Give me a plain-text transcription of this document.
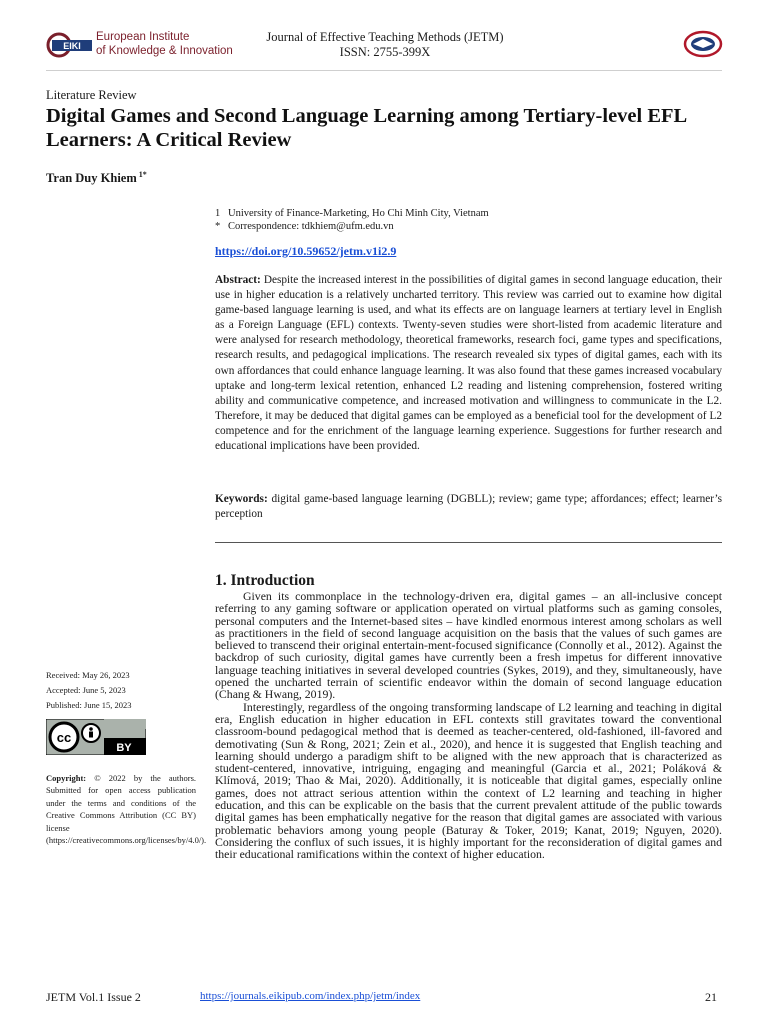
EIKI
European Institute
of Knowledge & Innovation
Journal of Effective Teaching Methods (JETM)
ISSN: 2755-399X
Literature Review
Digital Games and Second Language Learning among Tertiary-level EFL Learners: A Critical Review
Tran Duy Khiem $^{1*}$
1 University of Finance-Marketing, Ho Chi Minh City, Vietnam
* Correspondence: tdkhiem@ufm.edu.vn
https://doi.org/10.59652/jetm.v1i2.9
Abstract: Despite the increased interest in the possibilities of digital games in second language education, their use in higher education is a relatively uncharted territory. This review was carried out to examine how digital game-based language learning is used, and what its effects are on language learners at tertiary level in English as a Foreign Language (EFL) contexts. Twenty-seven studies were short-listed from academic literature and were analysed for research methodology, theoretical frameworks, research foci, game types and specifications, research results, and pedagogical implications. The research revealed six types of digital games, each with its own affordances that could enhance language learning. It was also found that these games increased vocabulary uptake and long-term lexical retention, enhanced L2 reading and listening comprehension, fostered writing ability and communicative competence, and increased motivation and willingness to communicate in the L2. Therefore, it may be deduced that digital games can be employed as a beneficial tool for the development of L2 competence and for the enrichment of the language learning experience. Suggestions for further research and educational implications have been provided.
Keywords: digital game-based language learning (DGBLL); review; game type; affordances; effect; learner’s perception
1. Introduction

Given its commonplace in the technology-driven era, digital games – an all-inclusive concept referring to any gaming software or application operated on virtual platforms such as gaming consoles, personal computers and the Internet-based sites – have kindled enormous interest among scholars as well as practitioners in the field of second language acquisition on the basis that the values of such games are believed to transcend their original entertain-ment-focused significance (Connolly et al., 2012). Against the backdrop of such curiosity, digital games have currently been a fresh impetus for different innovative language teaching initiatives in several developed countries (Sykes, 2019), and they, simultaneously, have opened the uncharted terrain of scientific endeavor within the domain of second language education (Chang & Hwang, 2019).

Interestingly, regardless of the ongoing transforming landscape of L2 learning and teaching in digital era, English education in higher education in EFL contexts still gravitates toward the conventional classroom-bound pedagogical method that is deemed as teacher-centered, old-fashioned, ill-favored and demotivating (Sun & Rong, 2021; Zein et al., 2020), and hence it is suggested that English teaching and learning should undergo a paradigm shift to be aligned with the new approach that is characterized as student-centered, innovative, intriguing, engaging and meaningful (Garcia et al., 2021; Poláková & Klímová, 2019; Thao & Mai, 2020). Additionally, it is noticeable that digital games, especially online games, does not attract serious attention within the context of L2 learning and teaching in higher education, and this can be explicable on the basis that the current prevalent attitude of the public towards digital games has been emphatically negative for the reason that digital games are associated with various problematic behaviors among young people (Baturay & Toker, 2019; Kanat, 2019; Nguyen, 2020). Considering the conflux of such issues, it is highly important for the reconsideration of digital games and their educational ramifications within the context of higher education.

Received: May 26, 2023
Accepted: June 5, 2023
Published: June 15, 2023
cc
BY
Copyright: © 2022 by the authors. Submitted for open access publication under the terms and conditions of the Creative Commons Attribution (CC BY) license (https://creativecommons.org/licenses/by/4.0/).
JETM Vol.1 Issue 2	https://journals.eikipub.com/index.php/jetm/index	21
